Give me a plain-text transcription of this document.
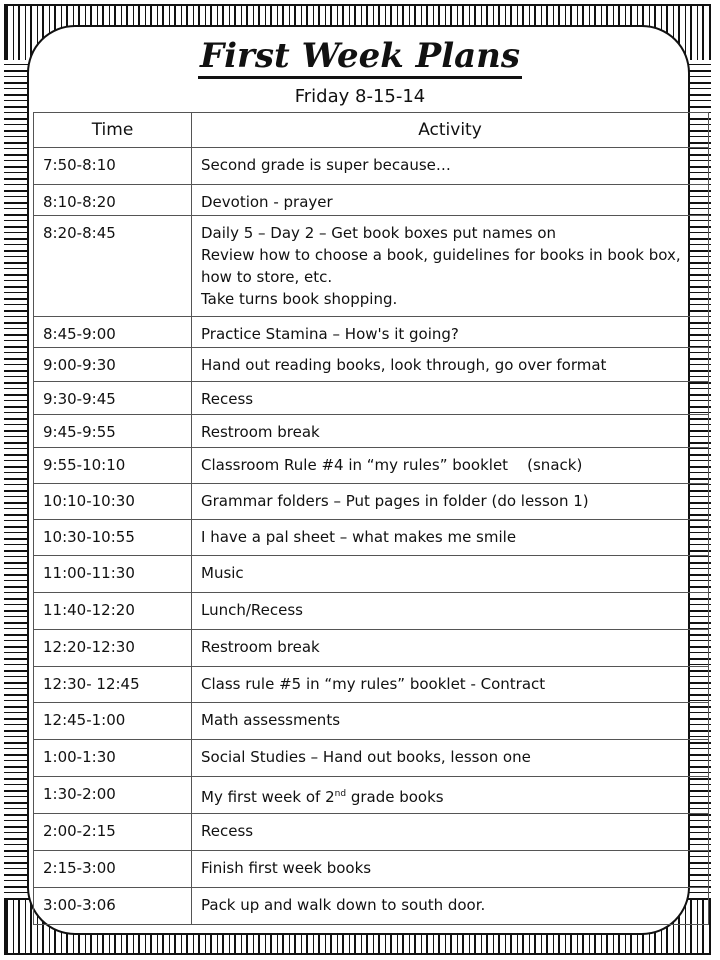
First Week Plans
Friday 8-15-14
Time	Activity
7:50-8:10	Second grade is super because…

8:10-8:20	Devotion - prayer

8:20-8:45	Daily 5 – Day 2 – Get book boxes put names on
Review how to choose a book, guidelines for books in book box, how to store, etc.
Take turns book shopping.

8:45-9:00	Practice Stamina – How's it going?

9:00-9:30	Hand out reading books, look through, go over format

9:30-9:45	Recess

9:45-9:55	Restroom break

9:55-10:10	Classroom Rule #4 in “my rules” booklet    (snack)

10:10-10:30	Grammar folders – Put pages in folder (do lesson 1)

10:30-10:55	I have a pal sheet – what makes me smile

11:00-11:30	Music

11:40-12:20	Lunch/Recess

12:20-12:30	Restroom break

12:30- 12:45	Class rule #5 in “my rules” booklet - Contract

12:45-1:00	Math assessments

1:00-1:30	Social Studies – Hand out books, lesson one

1:30-2:00	My first week of 2nd grade books
2:00-2:15	Recess

2:15-3:00	Finish first week books

3:00-3:06	Pack up and walk down to south door.
